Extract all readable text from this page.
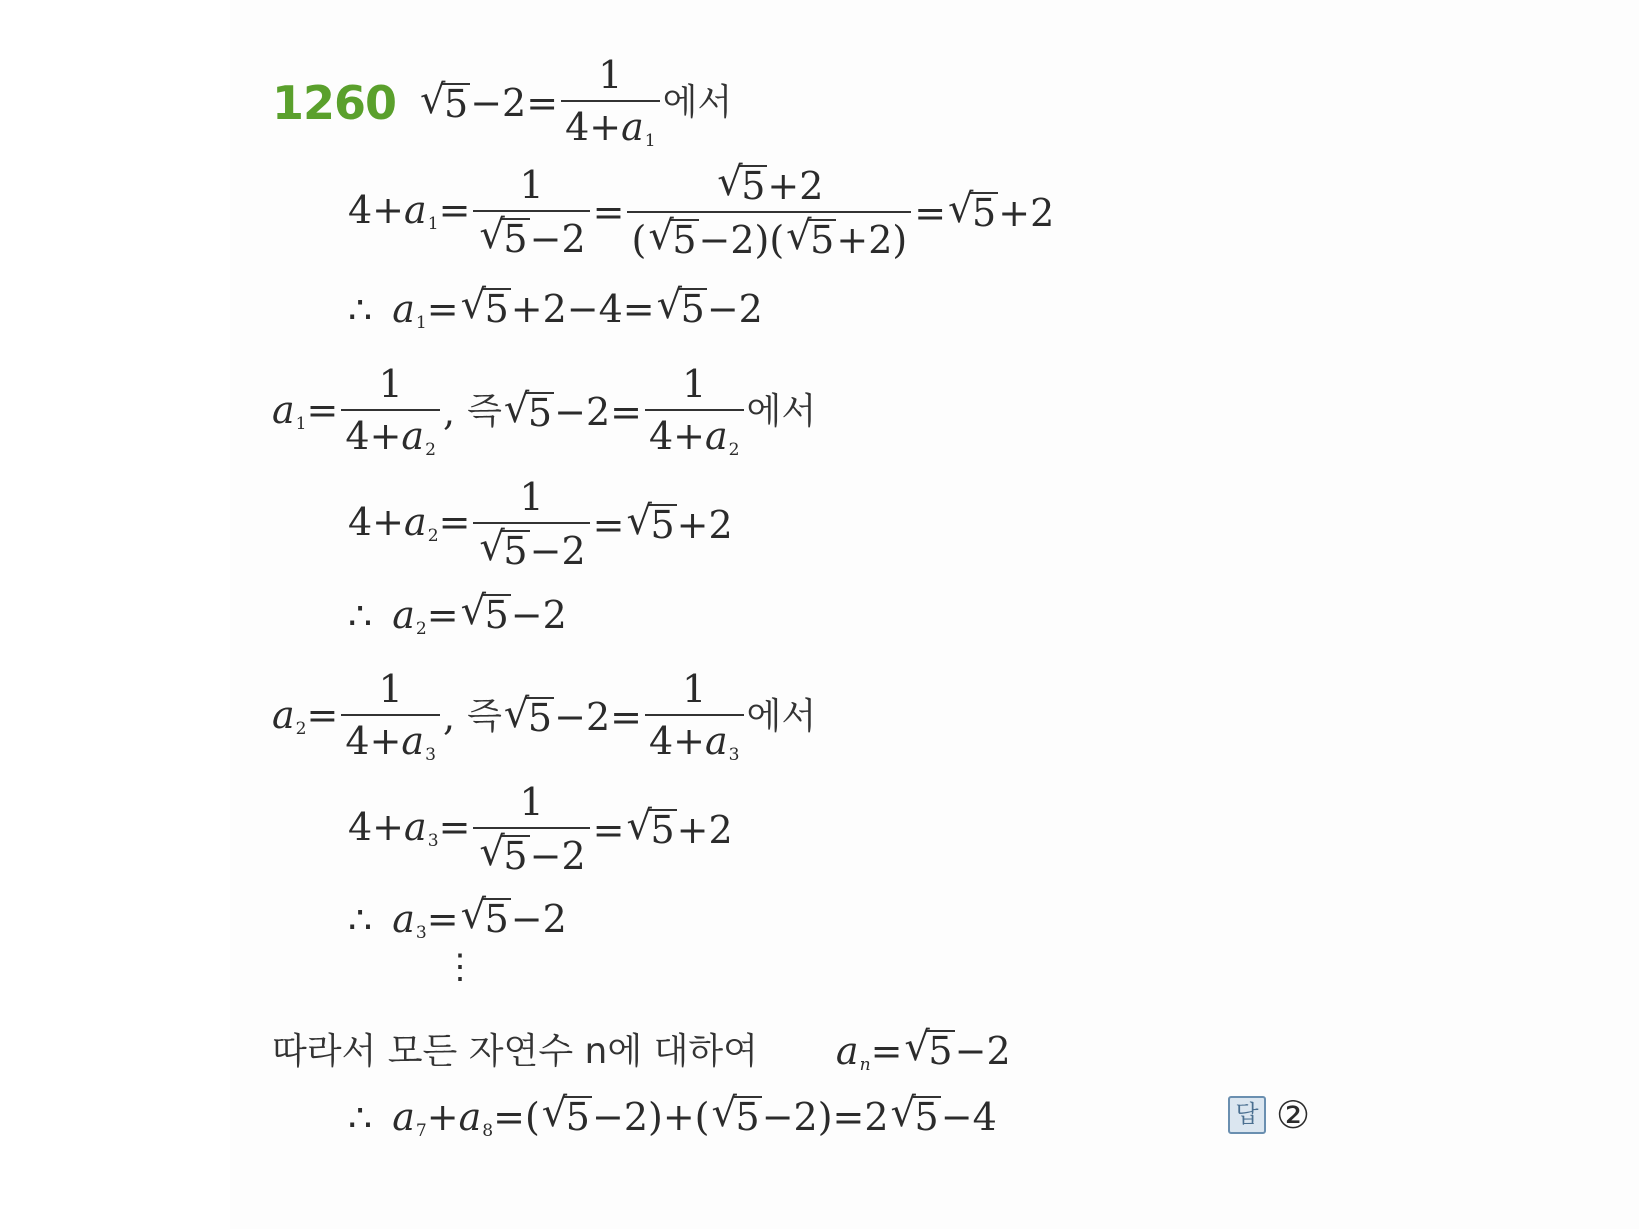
1260
√	$5 -2= \frac{1}{4+a_1}$ 에서
$4+a_1= 1$
√ 5−2 =
√ $\frac{5+2}{(√ 5-2)(√ 5+2)}$ =√ 5+2
∴ $a_1=√$ 5+2−4=√ 5−2
$a_1= \frac{1}{4+a_2}$ , 즉
√ $5 -2= \frac{1}{4+a_2}$ 에서
$4+a_2= 1$
√ 5−2 =√ 5+2
∴ $a_2=√$ 5−2
$a_2= \frac{1}{4+a_3}$ , 즉
√ $5 -2= \frac{1}{4+a_3}$ 에서
$4+a_3= 1$
√ 5−2 =√ 5+2
∴ $a_3=√$ 5−2
⋮
따라서 모든 자연수 n에 대하여 $a_n=√$ 5−2
∴ $a_7+a_8=(√$ 5−2)+(√ 5−2)=2√ 5−4	답 ②
